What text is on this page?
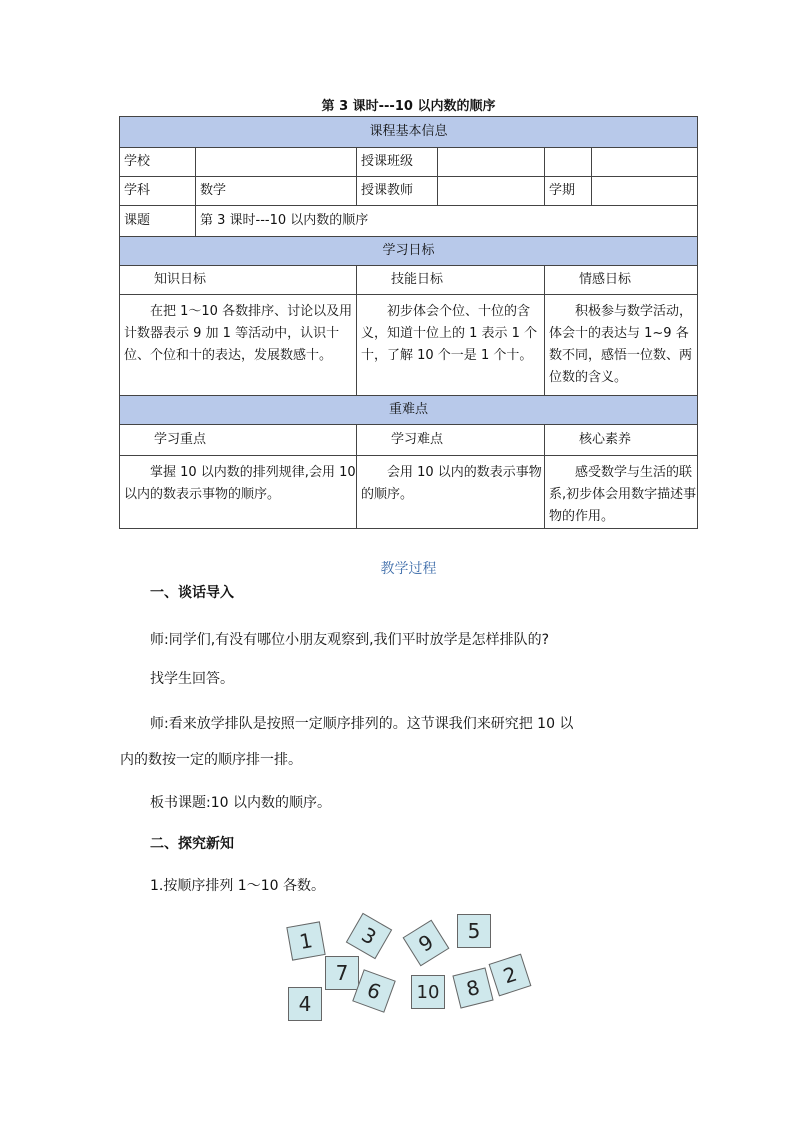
第 3 课时---10 以内数的顺序
课程基本信息					
学校		授课班级			
学科	数学	授课教师		学期	
课题	第 3 课时---10 以内数的顺序				
学习日标					
知识日标		技能日标		情感日标	

　　在把 1～10 各数排序、讨论以及用计数器表示 9 加 1 等活动中，认识十位、个位和十的表达，发展数感十。		　　初步体会个位、十位的含义，知道十位上的 1 表示 1 个十，了解 10 个一是 1 个十。		　　积极参与数学活动，体会十的表达与 1~9 各数不同，感悟一位数、两位数的含义。	

重难点					
学习重点		学习难点		核心素养	

　　掌握 10 以内数的排列规律,会用 10 以内的数表示事物的顺序。		　　会用 10 以内的数表示事物的顺序。		　　感受数学与生活的联系,初步体会用数字描述事物的作用。	
教学过程
一、谈话导入
师:同学们,有没有哪位小朋友观察到,我们平时放学是怎样排队的?
找学生回答。
师:看来放学排队是按照一定顺序排列的。这节课我们来研究把 10 以
内的数按一定的顺序排一排。
板书课题:10 以内数的顺序。
二、探究新知
1.按顺序排列 1～10 各数。
1	3	9	5
7
6
2
4	10	8
